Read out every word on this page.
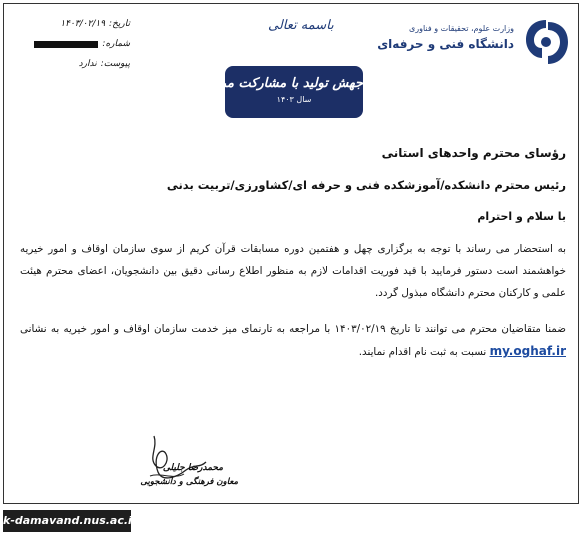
وزارت علوم، تحقیقات و فناوری
دانشگاه فنی و حرفه‌ای
باسمه تعالی
جهش تولید با مشارکت مردم
سال ۱۴۰۳
تاریخ:
۱۴۰۳/۰۲/۱۹
شماره:
پیوست:
ندارد
رؤسای محترم واحدهای استانی
رئیس محترم دانشکده/آموزشکده فنی و حرفه ای/کشاورزی/تربیت بدنی
با سلام و احترام
به استحضار می رساند با توجه به برگزاری چهل و هفتمین دوره مسابقات قرآن کریم از سوی سازمان اوقاف و امور خیریه خواهشمند است دستور فرمایید با قید فوریت اقدامات لازم به منظور اطلاع رسانی دقیق بین دانشجویان، اعضای محترم هیئت علمی و کارکنان محترم دانشگاه مبذول گردد.
ضمنا متقاضیان محترم می توانند تا تاریخ ۱۴۰۳/۰۲/۱۹ با مراجعه به تارنمای میز خدمت سازمان اوقاف و امور خیریه به نشانی my.oghaf.ir نسبت به ثبت نام اقدام نمایند.
محمدرضا جلیلی
معاون فرهنگی و دانشجویی
k-damavand.nus.ac.ir
